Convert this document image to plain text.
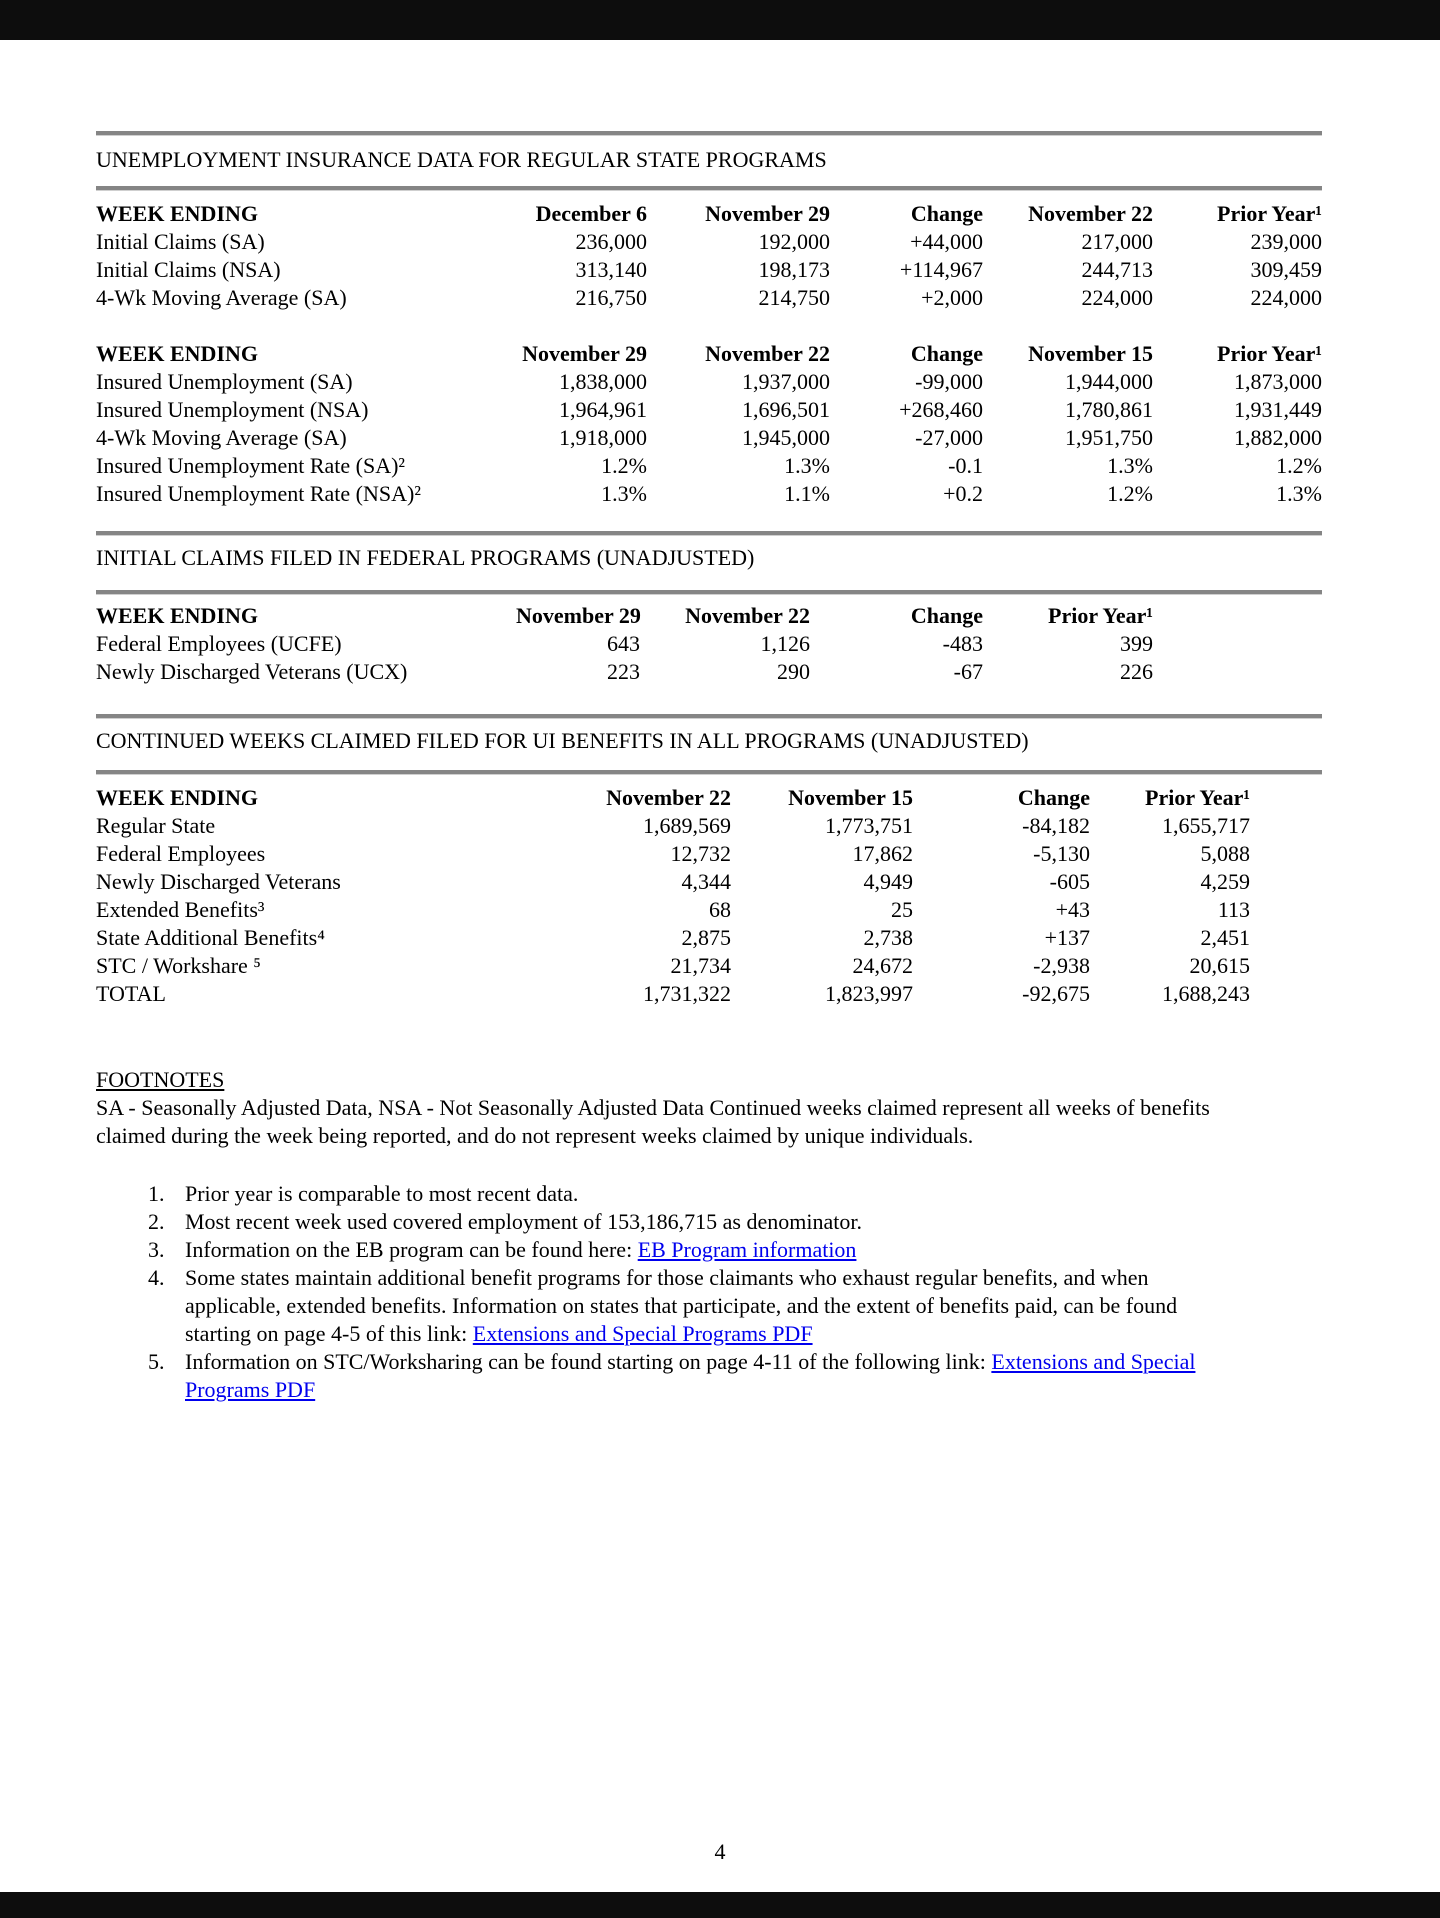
UNEMPLOYMENT INSURANCE DATA FOR REGULAR STATE PROGRAMS
WEEK ENDING	December 6	November 29	Change	November 22	Prior Year¹
Initial Claims (SA)	236,000	192,000	+44,000	217,000	239,000
Initial Claims (NSA)	313,140	198,173	+114,967	244,713	309,459
4-Wk Moving Average (SA)	216,750	214,750	+2,000	224,000	224,000
WEEK ENDING	November 29	November 22	Change	November 15	Prior Year¹
Insured Unemployment (SA)	1,838,000	1,937,000	-99,000	1,944,000	1,873,000
Insured Unemployment (NSA)	1,964,961	1,696,501	+268,460	1,780,861	1,931,449
4-Wk Moving Average (SA)	1,918,000	1,945,000	-27,000	1,951,750	1,882,000
Insured Unemployment Rate (SA)²	1.2%	1.3%	-0.1	1.3%	1.2%
Insured Unemployment Rate (NSA)²	1.3%	1.1%	+0.2	1.2%	1.3%
INITIAL CLAIMS FILED IN FEDERAL PROGRAMS (UNADJUSTED)
WEEK ENDING	November 29	November 22	Change	Prior Year¹
Federal Employees (UCFE)	643	1,126	-483	399
Newly Discharged Veterans (UCX)	223	290	-67	226
CONTINUED WEEKS CLAIMED FILED FOR UI BENEFITS IN ALL PROGRAMS (UNADJUSTED)
WEEK ENDING	November 22	November 15	Change	Prior Year¹
Regular State	1,689,569	1,773,751	-84,182	1,655,717
Federal Employees	12,732	17,862	-5,130	5,088
Newly Discharged Veterans	4,344	4,949	-605	4,259
Extended Benefits³	68	25	+43	113
State Additional Benefits⁴	2,875	2,738	+137	2,451
STC / Workshare ⁵	21,734	24,672	-2,938	20,615
TOTAL	1,731,322	1,823,997	-92,675	1,688,243
FOOTNOTES

SA - Seasonally Adjusted Data, NSA - Not Seasonally Adjusted Data Continued weeks claimed represent all weeks of benefits claimed during the week being reported, and do not represent weeks claimed by unique individuals.

1. Prior year is comparable to most recent data.
2. Most recent week used covered employment of 153,186,715 as denominator.
3. Information on the EB program can be found here: EB Program information
4. Some states maintain additional benefit programs for those claimants who exhaust regular benefits, and when applicable, extended benefits. Information on states that participate, and the extent of benefits paid, can be found starting on page 4-5 of this link: Extensions and Special Programs PDF
5. Information on STC/Worksharing can be found starting on page 4-11 of the following link: Extensions and Special Programs PDF
4
